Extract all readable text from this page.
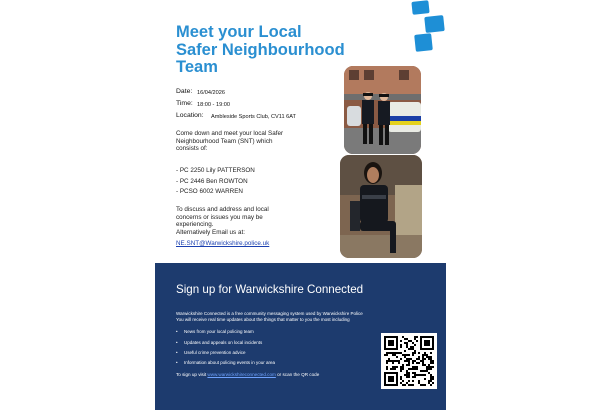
Meet your Local
Safer Neighbourhood
Team
Date: 16/04/2026
Time: 18:00 - 19:00
Location: Ambleside Sports Club, CV11 6AT
Come down and meet your local Safer
Neighbourhood Team (SNT) which
consists of:
- PC 2250 Lily PATTERSON
- PC 2446 Ben ROWTON
- PCSO 6002 WARREN
To discuss and address and local
concerns or issues you may be
experiencing.
Alternatively Email us at:
NE.SNT@Warwickshire.police.uk
Sign up for Warwickshire Connected
Warwickshire Connected is a free community messaging system used by Warwickshire Police
You will receive real time updates about the things that matter to you the most including
• News from your local policing team
• Updates and appeals on local incidents
• Useful crime prevention advice
• Information about policing events in your area
To sign up visit www.warwickshireconnected.com or scan the QR code
